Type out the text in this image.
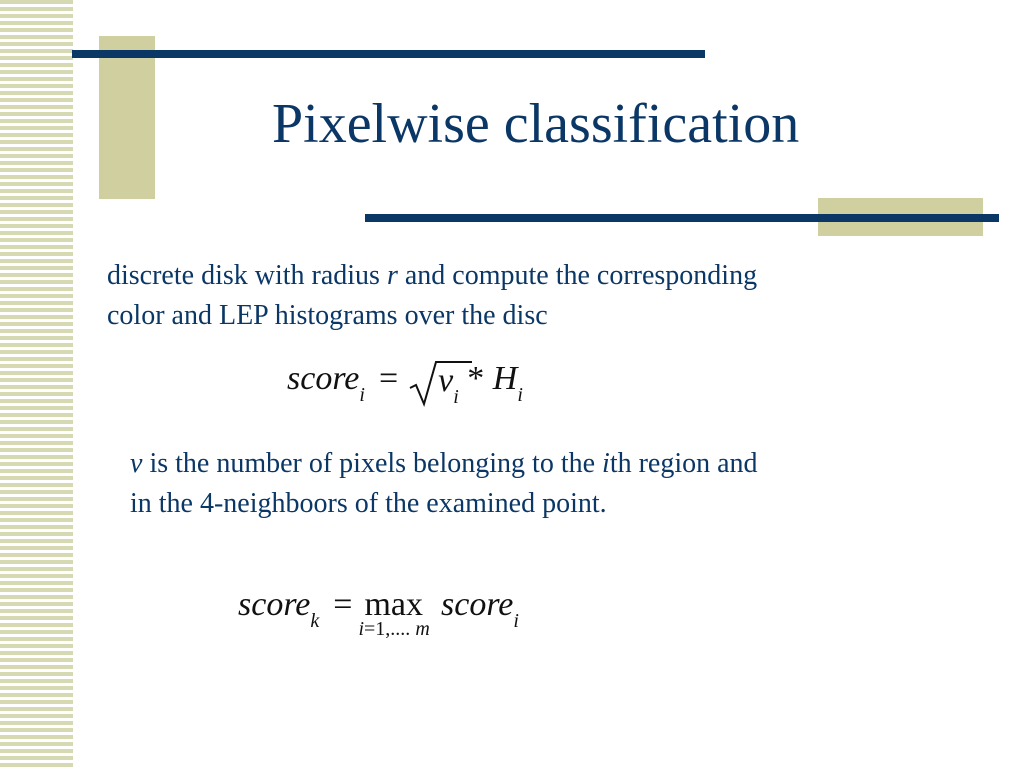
Pixelwise classification

discrete disk with radius r and compute the corresponding
color and LEP histograms over the disc

score$_i$ = $v_i * H_i$

v is the number of pixels belonging to the ith region and
in the 4-neighboors of the examined point.

score$_k$ = max
i=1,.... m
score$_i$
